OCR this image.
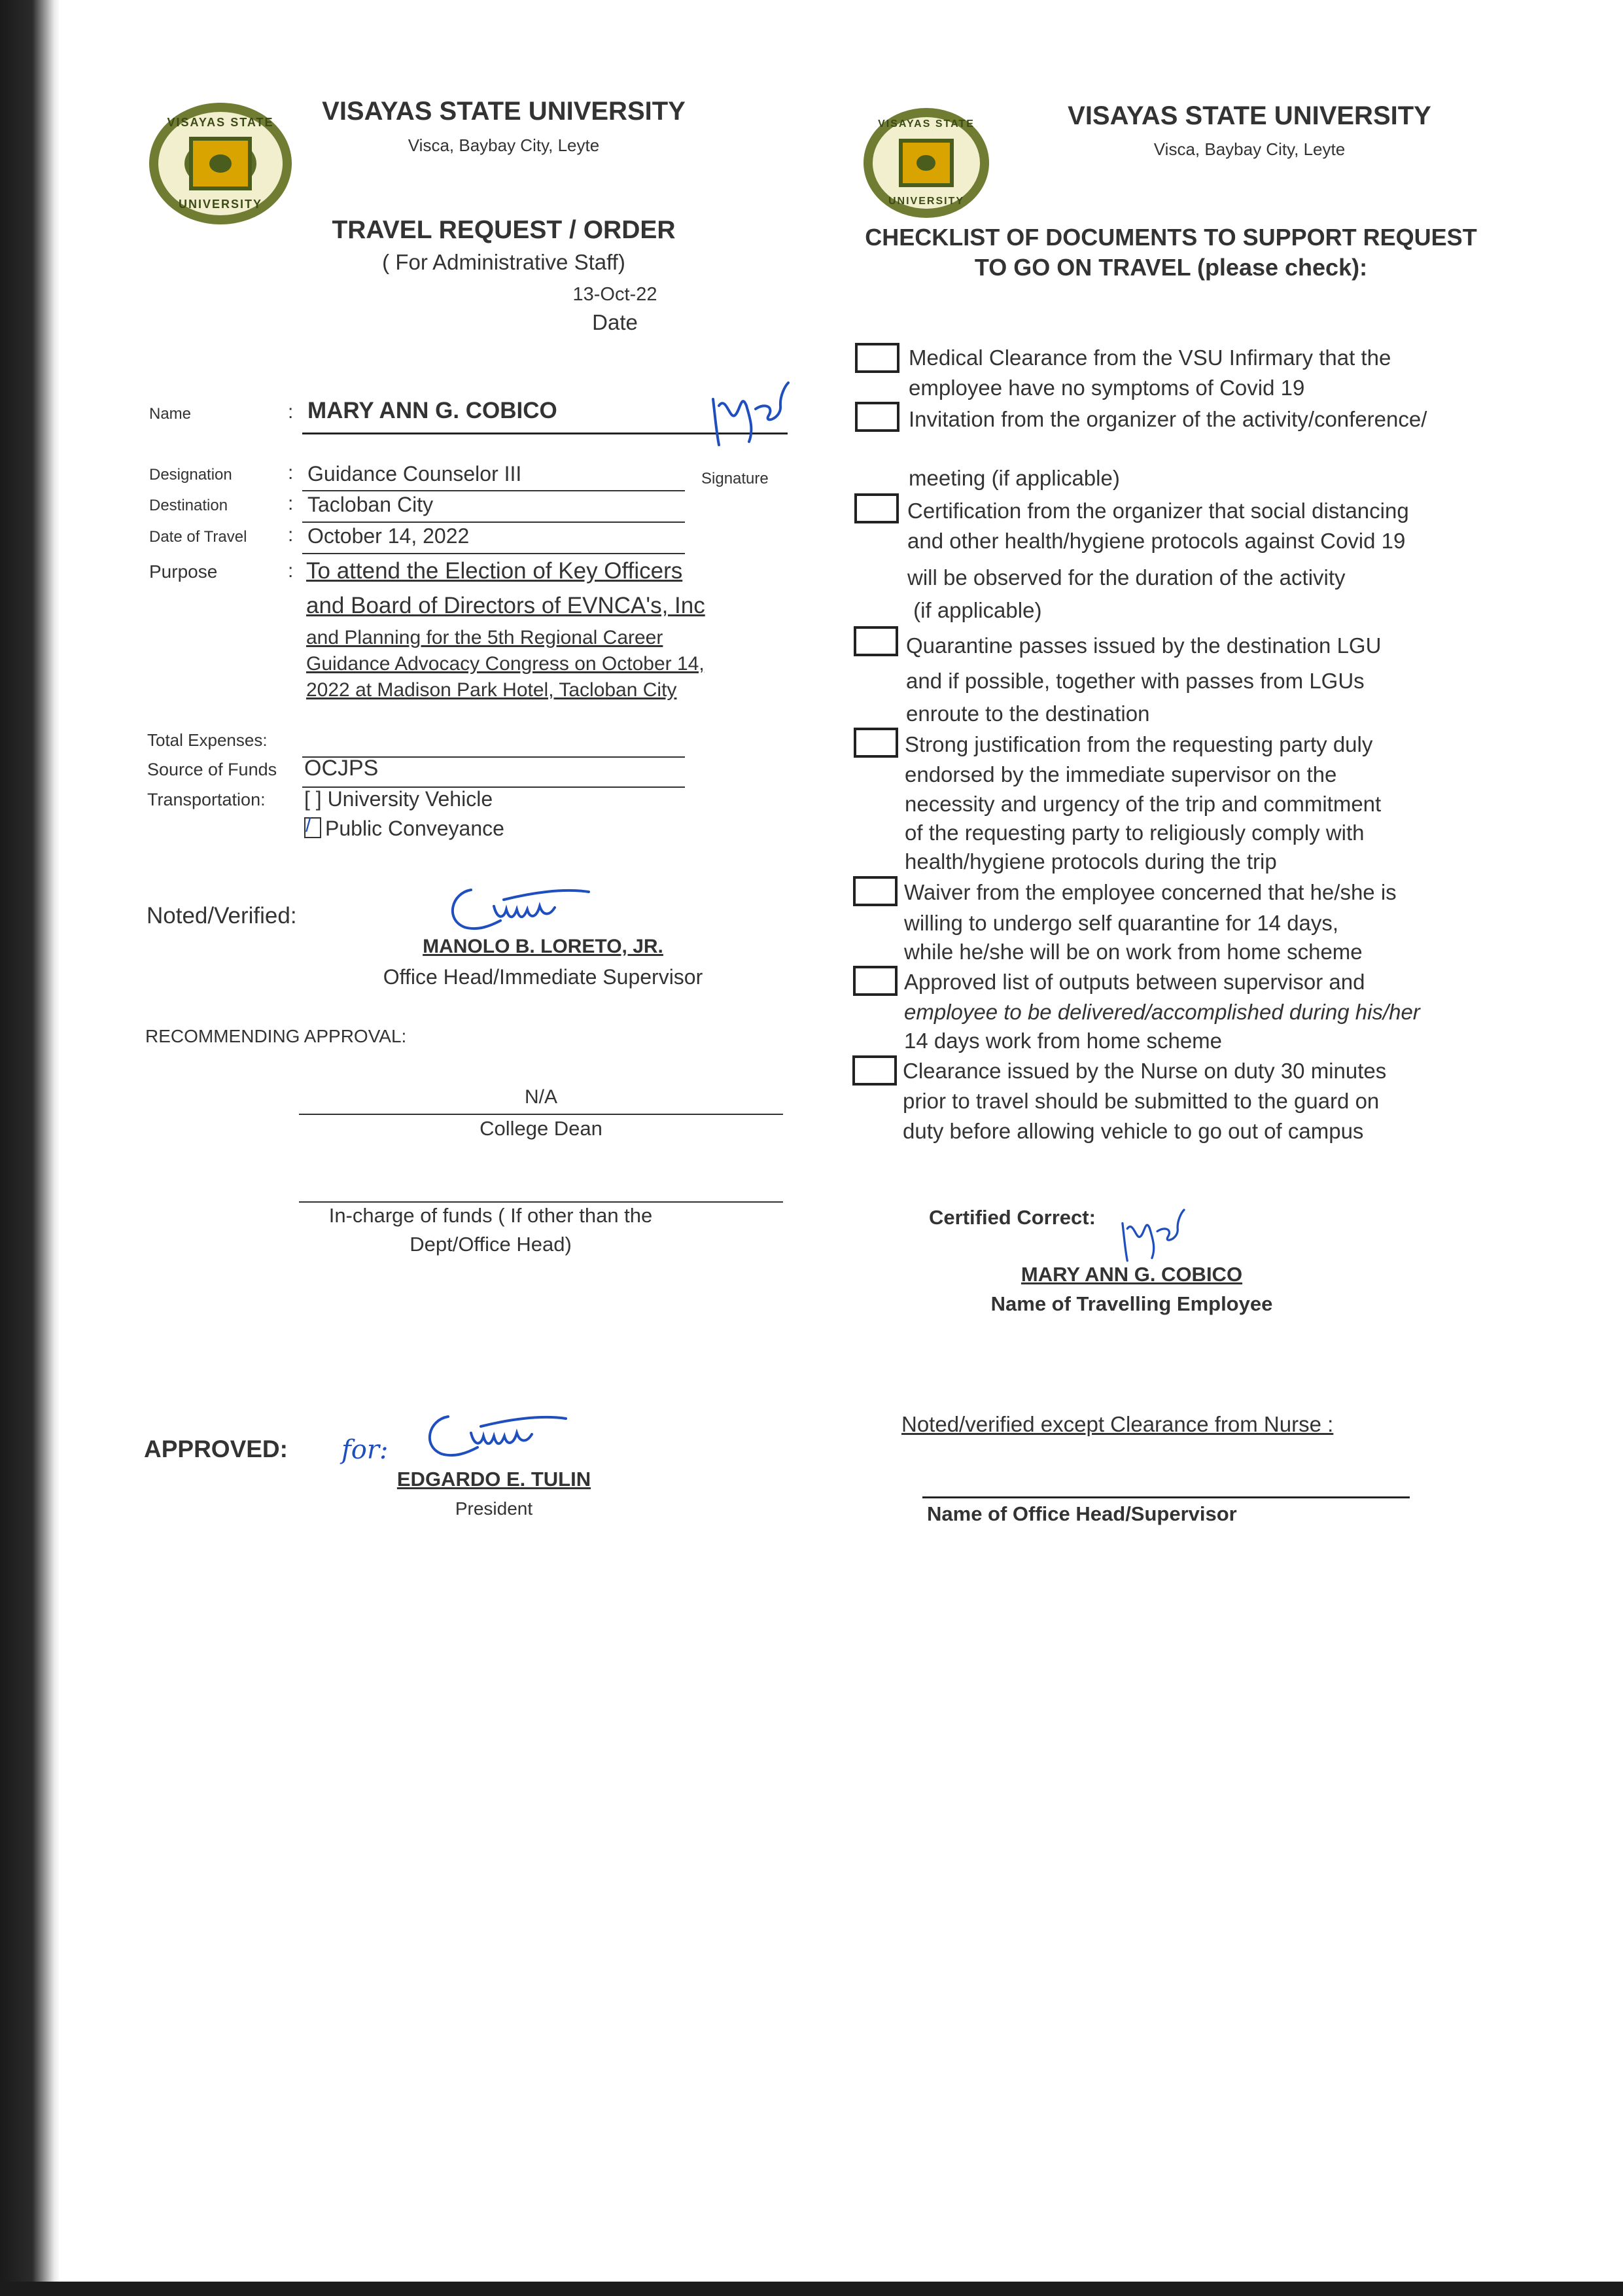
VISAYAS STATE
UNIVERSITY
VISAYAS STATE UNIVERSITY
Visca, Baybay City, Leyte
TRAVEL REQUEST / ORDER
( For Administrative Staff)
13-Oct-22
Date
Name	: MARY ANN G. COBICO
Signature
Designation	: Guidance Counselor III
Destination	: Tacloban City
Date of Travel : October 14, 2022
Purpose	: To attend the Election of Key Officers
and Board of Directors of EVNCA's, Inc
and Planning for the 5th Regional Career
Guidance Advocacy Congress on October 14,
2022 at Madison Park Hotel, Tacloban City
Total Expenses:
Source of Funds OCJPS
Transportation: [ ] University Vehicle
/ Public Conveyance
Noted/Verified:
MANOLO B. LORETO, JR.
Office Head/Immediate Supervisor
RECOMMENDING APPROVAL:
N/A
College Dean
In-charge of funds ( If other than the
Dept/Office Head)
APPROVED: for:
EDGARDO E. TULIN
President
VISAYAS STATE
UNIVERSITY
VISAYAS STATE UNIVERSITY
Visca, Baybay City, Leyte
CHECKLIST OF DOCUMENTS TO SUPPORT REQUEST
TO GO ON TRAVEL (please check):
Medical Clearance from the VSU Infirmary that the
employee have no symptoms of Covid 19
Invitation from the organizer of the activity/conference/
meeting (if applicable)
Certification from the organizer that social distancing
and other health/hygiene protocols against Covid 19
will be observed for the duration of the activity
(if applicable)
Quarantine passes issued by the destination LGU
and if possible, together with passes from LGUs
enroute to the destination
Strong justification from the requesting party duly
endorsed by the immediate supervisor on the
necessity and urgency of the trip and commitment
of the requesting party to religiously comply with
health/hygiene protocols during the trip
Waiver from the employee concerned that he/she is
willing to undergo self quarantine for 14 days,
while he/she will be on work from home scheme
Approved list of outputs between supervisor and
employee to be delivered/accomplished during his/her
14 days work from home scheme
Clearance issued by the Nurse on duty 30 minutes
prior to travel should be submitted to the guard on
duty before allowing vehicle to go out of campus
Certified Correct:
MARY ANN G. COBICO
Name of Travelling Employee
Noted/verified except Clearance from Nurse :
Name of Office Head/Supervisor
